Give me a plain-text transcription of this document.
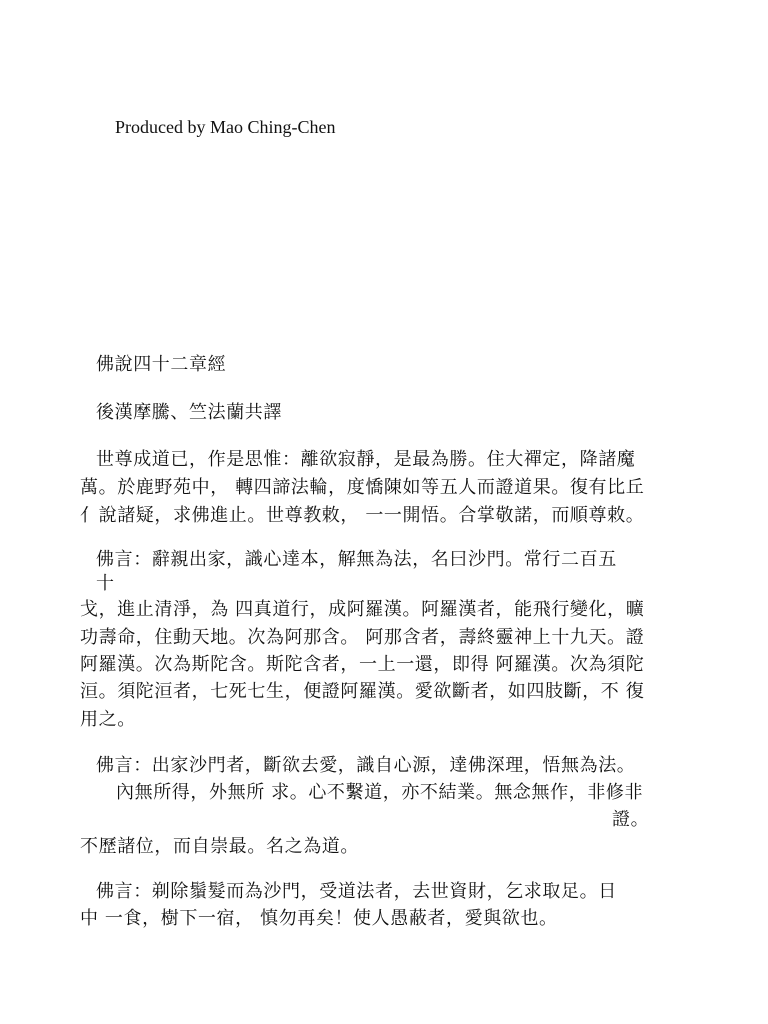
Produced by Mao Ching-Chen
佛說四十二章經
後漢摩騰、竺法蘭共譯
世尊成道已，作是思惟：離欲寂靜，是最為勝。住大禪定，降諸魔
萬。於鹿野苑中， 轉四諦法輪，度憍陳如等五人而證道果。復有比丘
亻說諸疑，求佛進止。世尊教敕， 一一開悟。合掌敬諾，而順尊敕。
佛言：辭親出家，識心達本，解無為法，名曰沙門。常行二百五
十
戈，進止清淨，為 四真道行，成阿羅漢。阿羅漢者，能飛行變化，曠
功壽命，住動天地。次為阿那含。 阿那含者，壽終靈神上十九天。證
阿羅漢。次為斯陀含。斯陀含者，一上一還，即得 阿羅漢。次為須陀
洹。須陀洹者，七死七生，便證阿羅漢。愛欲斷者，如四肢斷，不 復
用之。
佛言：出家沙門者，斷欲去愛，識自心源，達佛深理，悟無為法。
內無所得，外無所 求。心不繫道，亦不結業。無念無作，非修非
證。
不歷諸位，而自崇最。名之為道。
佛言：剃除鬚髮而為沙門，受道法者，去世資財，乞求取足。日
中 一食，樹下一宿， 慎勿再矣！使人愚蔽者，愛與欲也。
